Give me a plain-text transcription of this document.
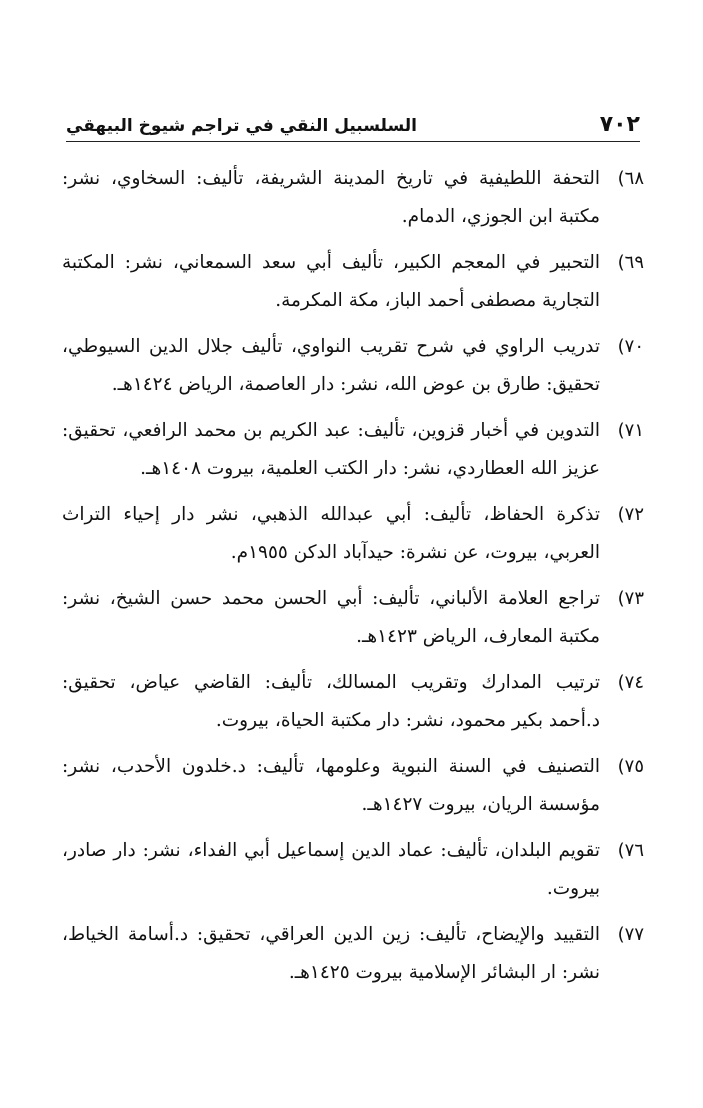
٧٠٢
السلسبيل النقي في تراجم شيوخ البيهقي
٦٨)
التحفة اللطيفية في تاريخ المدينة الشريفة، تأليف: السخاوي، نشر: مكتبة ابن الجوزي، الدمام.
٦٩)
التحبير في المعجم الكبير، تأليف أبي سعد السمعاني، نشر: المكتبة التجارية مصطفى أحمد الباز، مكة المكرمة.
٧٠)
تدريب الراوي في شرح تقريب النواوي، تأليف جلال الدين السيوطي، تحقيق: طارق بن عوض الله، نشر: دار العاصمة، الرياض ١٤٢٤هـ.
٧١)
التدوين في أخبار قزوين، تأليف: عبد الكريم بن محمد الرافعي، تحقيق: عزيز الله العطاردي، نشر: دار الكتب العلمية، بيروت ١٤٠٨هـ.
٧٢)
تذكرة الحفاظ، تأليف: أبي عبدالله الذهبي، نشر دار إحياء التراث العربي، بيروت، عن نشرة: حيدآباد الدكن ١٩٥٥م.
٧٣)
تراجع العلامة الألباني، تأليف: أبي الحسن محمد حسن الشيخ، نشر: مكتبة المعارف، الرياض ١٤٢٣هـ.
٧٤)
ترتيب المدارك وتقريب المسالك، تأليف: القاضي عياض، تحقيق: د.أحمد بكير محمود، نشر: دار مكتبة الحياة، بيروت.
٧٥)
التصنيف في السنة النبوية وعلومها، تأليف: د.خلدون الأحدب، نشر: مؤسسة الريان، بيروت ١٤٢٧هـ.
٧٦)
تقويم البلدان، تأليف: عماد الدين إسماعيل أبي الفداء، نشر: دار صادر، بيروت.
٧٧)
التقييد والإيضاح، تأليف: زين الدين العراقي، تحقيق: د.أسامة الخياط، نشر: ار البشائر الإسلامية بيروت ١٤٢٥هـ.
